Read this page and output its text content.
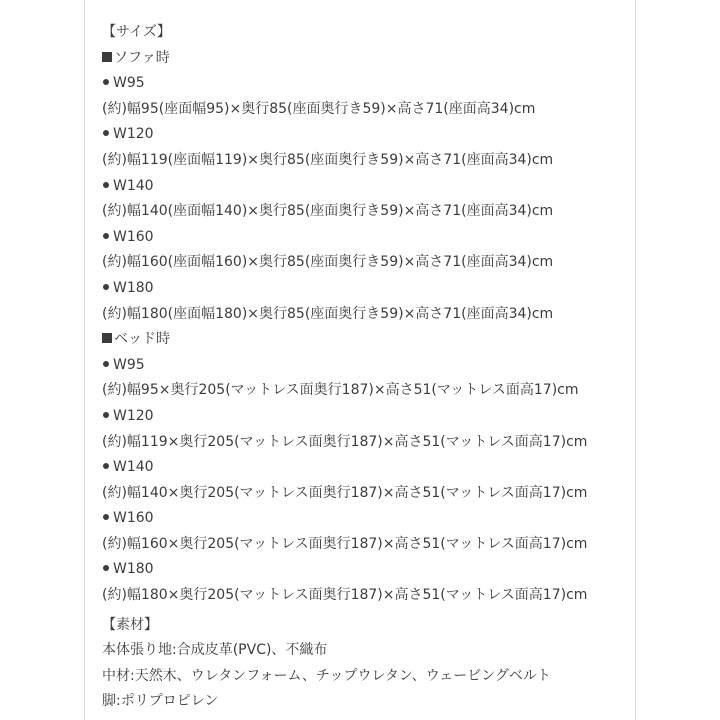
【サイズ】
ソファ時
W95
(約)幅95(座面幅95)×奥行85(座面奥行き59)×高さ71(座面高34)cm
W120
(約)幅119(座面幅119)×奥行85(座面奥行き59)×高さ71(座面高34)cm
W140
(約)幅140(座面幅140)×奥行85(座面奥行き59)×高さ71(座面高34)cm
W160
(約)幅160(座面幅160)×奥行85(座面奥行き59)×高さ71(座面高34)cm
W180
(約)幅180(座面幅180)×奥行85(座面奥行き59)×高さ71(座面高34)cm
ベッド時
W95
(約)幅95×奥行205(マットレス面奥行187)×高さ51(マットレス面高17)cm
W120
(約)幅119×奥行205(マットレス面奥行187)×高さ51(マットレス面高17)cm
W140
(約)幅140×奥行205(マットレス面奥行187)×高さ51(マットレス面高17)cm
W160
(約)幅160×奥行205(マットレス面奥行187)×高さ51(マットレス面高17)cm
W180
(約)幅180×奥行205(マットレス面奥行187)×高さ51(マットレス面高17)cm
【素材】
本体張り地:合成皮革(PVC)、不織布
中材:天然木、ウレタンフォーム、チップウレタン、ウェービングベルト
脚:ポリプロピレン
